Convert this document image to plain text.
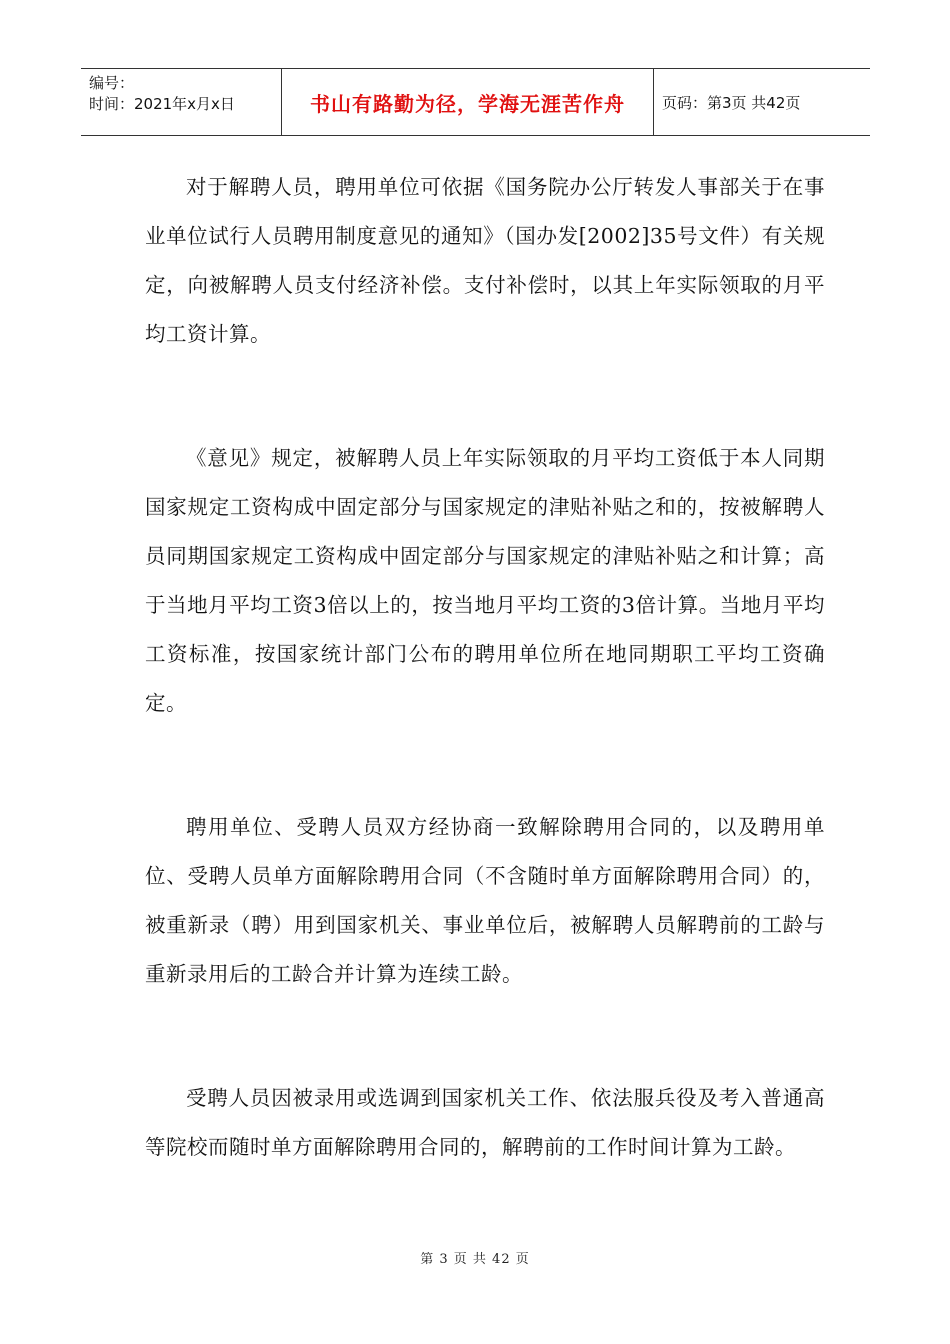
编号：
时间：2021年x月x日	书山有路勤为径，学海无涯苦作舟 页码：第3页 共42页

对于解聘人员，聘用单位可依据《国务院办公厅转发人事部关于在事业单位试行人员聘用制度意见的通知》（国办发[2002]35号文件）有关规定，向被解聘人员支付经济补偿。支付补偿时，以其上年实际领取的月平均工资计算。

《意见》规定，被解聘人员上年实际领取的月平均工资低于本人同期国家规定工资构成中固定部分与国家规定的津贴补贴之和的，按被解聘人员同期国家规定工资构成中固定部分与国家规定的津贴补贴之和计算；高于当地月平均工资3倍以上的，按当地月平均工资的3倍计算。当地月平均工资标准，按国家统计部门公布的聘用单位所在地同期职工平均工资确定。

聘用单位、受聘人员双方经协商一致解除聘用合同的，以及聘用单位、受聘人员单方面解除聘用合同（不含随时单方面解除聘用合同）的，被重新录（聘）用到国家机关、事业单位后，被解聘人员解聘前的工龄与重新录用后的工龄合并计算为连续工龄。

受聘人员因被录用或选调到国家机关工作、依法服兵役及考入普通高等院校而随时单方面解除聘用合同的，解聘前的工作时间计算为工龄。

第 3 页 共 42 页
